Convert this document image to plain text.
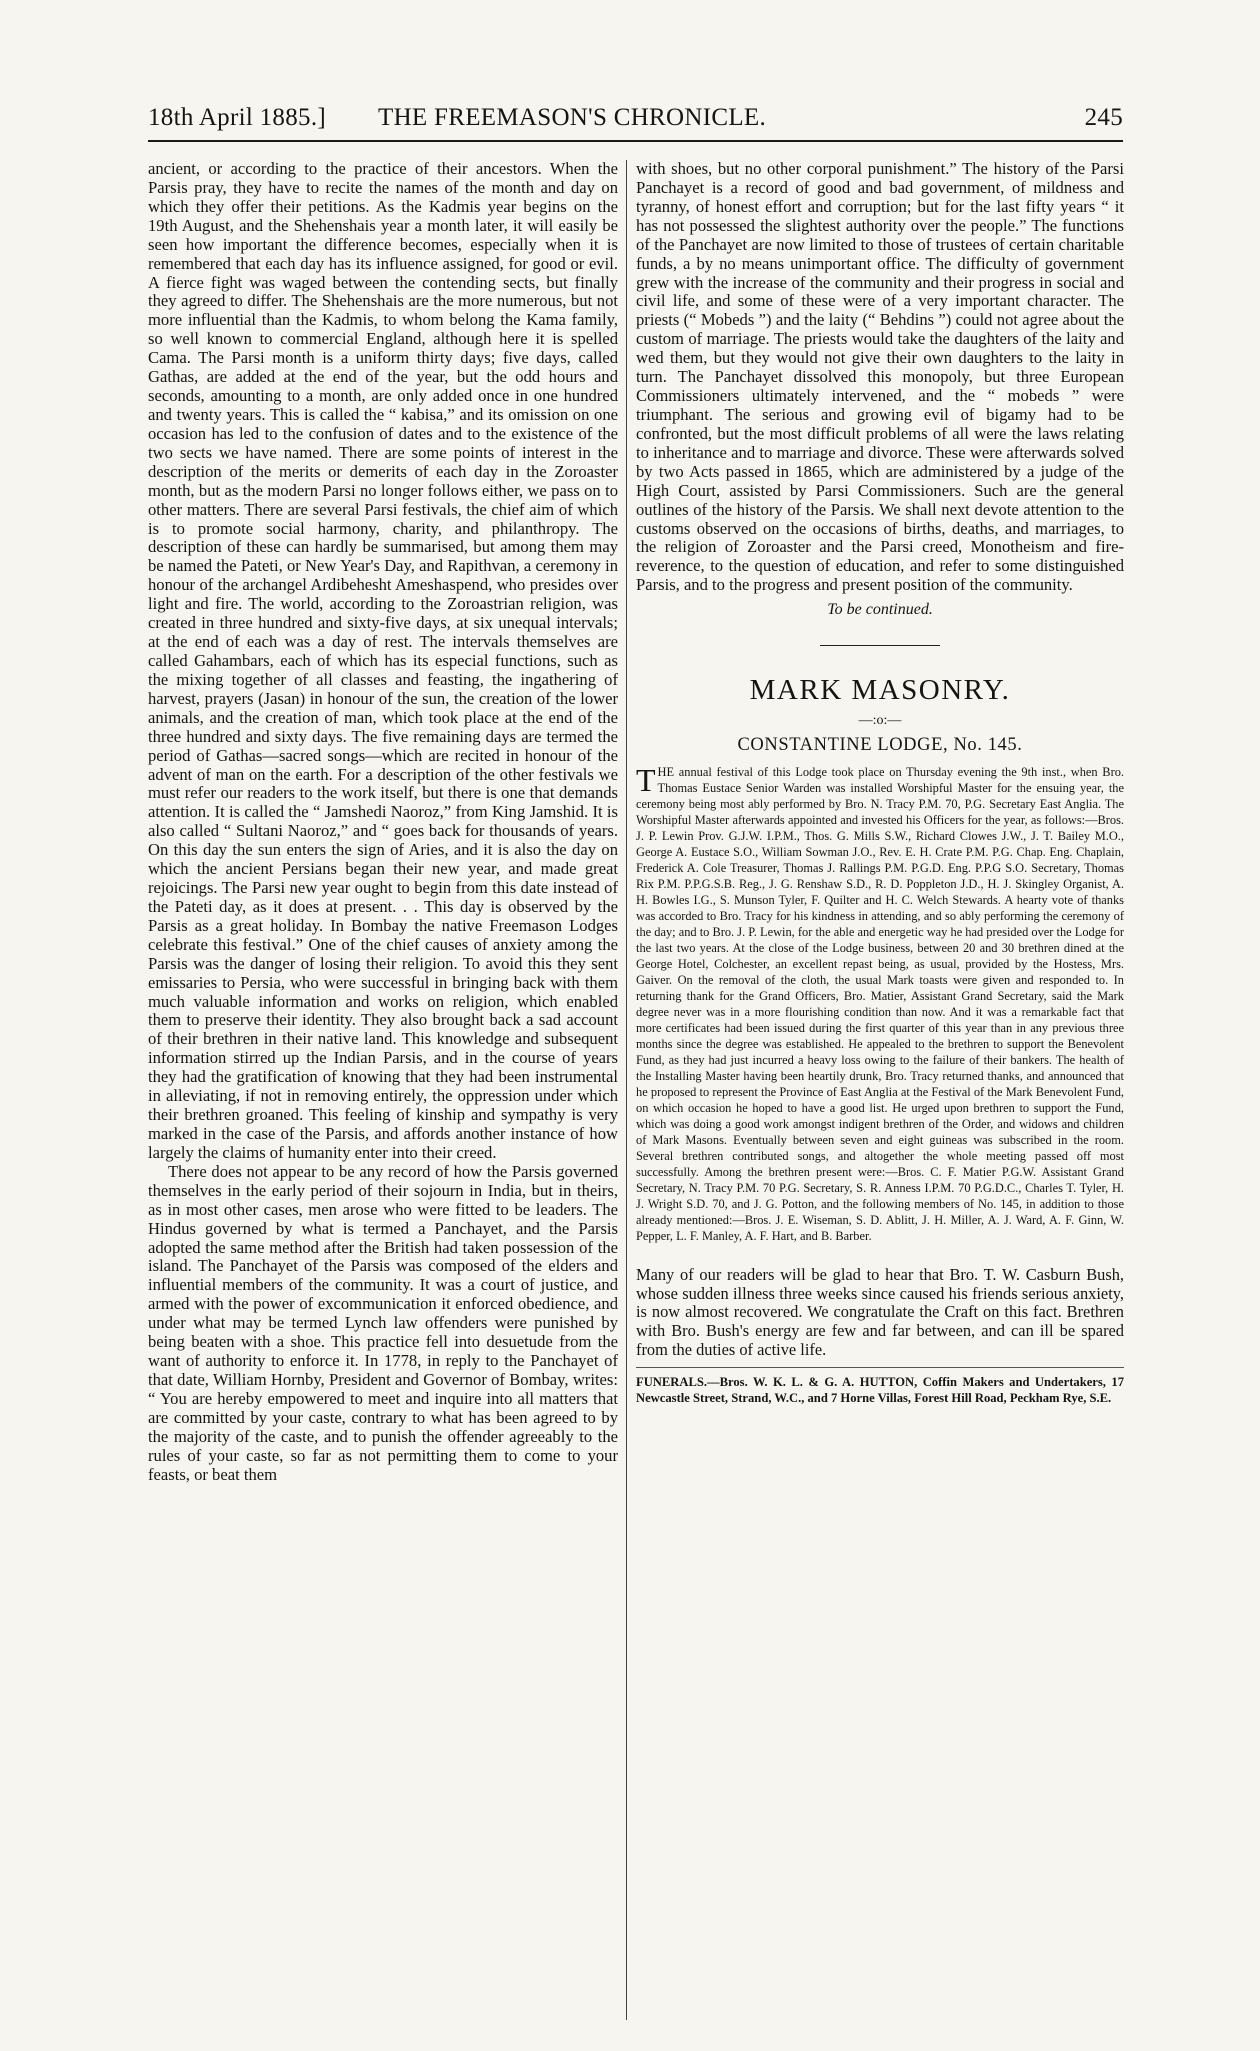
18th April 1885.] THE FREEMASON'S CHRONICLE.	245

ancient, or according to the practice of their ancestors. When the Parsis pray, they have to recite the names of the month and day on which they offer their petitions. As the Kadmis year begins on the 19th August, and the Shehenshais year a month later, it will easily be seen how important the difference becomes, especially when it is remembered that each day has its influence assigned, for good or evil. A fierce fight was waged between the contending sects, but finally they agreed to differ. The Shehenshais are the more numerous, but not more influential than the Kadmis, to whom belong the Kama family, so well known to commercial England, although here it is spelled Cama. The Parsi month is a uniform thirty days; five days, called Gathas, are added at the end of the year, but the odd hours and seconds, amounting to a month, are only added once in one hundred and twenty years. This is called the “ kabisa,” and its omission on one occasion has led to the confusion of dates and to the existence of the two sects we have named. There are some points of interest in the description of the merits or demerits of each day in the Zoroaster month, but as the modern Parsi no longer follows either, we pass on to other matters. There are several Parsi festivals, the chief aim of which is to promote social harmony, charity, and philanthropy. The description of these can hardly be summarised, but among them may be named the Pateti, or New Year's Day, and Rapithvan, a ceremony in honour of the archangel Ardibehesht Ameshaspend, who presides over light and fire. The world, according to the Zoroastrian religion, was created in three hundred and sixty-five days, at six unequal intervals; at the end of each was a day of rest. The intervals themselves are called Gahambars, each of which has its especial functions, such as the mixing together of all classes and feasting, the ingathering of harvest, prayers (Jasan) in honour of the sun, the creation of the lower animals, and the creation of man, which took place at the end of the three hundred and sixty days. The five remaining days are termed the period of Gathas—sacred songs—which are recited in honour of the advent of man on the earth. For a description of the other festivals we must refer our readers to the work itself, but there is one that demands attention. It is called the “ Jamshedi Naoroz,” from King Jamshid. It is also called “ Sultani Naoroz,” and “ goes back for thousands of years. On this day the sun enters the sign of Aries, and it is also the day on which the ancient Persians began their new year, and made great rejoicings. The Parsi new year ought to begin from this date instead of the Pateti day, as it does at present. . . This day is observed by the Parsis as a great holiday. In Bombay the native Freemason Lodges celebrate this festival.” One of the chief causes of anxiety among the Parsis was the danger of losing their religion. To avoid this they sent emissaries to Persia, who were successful in bringing back with them much valuable information and works on religion, which enabled them to preserve their identity. They also brought back a sad account of their brethren in their native land. This knowledge and subsequent information stirred up the Indian Parsis, and in the course of years they had the gratification of knowing that they had been instrumental in alleviating, if not in removing entirely, the oppression under which their brethren groaned. This feeling of kinship and sympathy is very marked in the case of the Parsis, and affords another instance of how largely the claims of humanity enter into their creed.

There does not appear to be any record of how the Parsis governed themselves in the early period of their sojourn in India, but in theirs, as in most other cases, men arose who were fitted to be leaders. The Hindus governed by what is termed a Panchayet, and the Parsis adopted the same method after the British had taken possession of the island. The Panchayet of the Parsis was composed of the elders and influential members of the community. It was a court of justice, and armed with the power of excommunication it enforced obedience, and under what may be termed Lynch law offenders were punished by being beaten with a shoe. This practice fell into desuetude from the want of authority to enforce it. In 1778, in reply to the Panchayet of that date, William Hornby, President and Governor of Bombay, writes: “ You are hereby empowered to meet and inquire into all matters that are committed by your caste, contrary to what has been agreed to by the majority of the caste, and to punish the offender agreeably to the rules of your caste, so far as not permitting them to come to your feasts, or beat them

with shoes, but no other corporal punishment.” The history of the Parsi Panchayet is a record of good and bad government, of mildness and tyranny, of honest effort and corruption; but for the last fifty years “ it has not possessed the slightest authority over the people.” The functions of the Panchayet are now limited to those of trustees of certain charitable funds, a by no means unimportant office. The difficulty of government grew with the increase of the community and their progress in social and civil life, and some of these were of a very important character. The priests (“ Mobeds ”) and the laity (“ Behdins ”) could not agree about the custom of marriage. The priests would take the daughters of the laity and wed them, but they would not give their own daughters to the laity in turn. The Panchayet dissolved this monopoly, but three European Commissioners ultimately intervened, and the “ mobeds ” were triumphant. The serious and growing evil of bigamy had to be confronted, but the most difficult problems of all were the laws relating to inheritance and to marriage and divorce. These were afterwards solved by two Acts passed in 1865, which are administered by a judge of the High Court, assisted by Parsi Commissioners. Such are the general outlines of the history of the Parsis. We shall next devote attention to the customs observed on the occasions of births, deaths, and marriages, to the religion of Zoroaster and the Parsi creed, Monotheism and fire-reverence, to the question of education, and refer to some distinguished Parsis, and to the progress and present position of the community.

To be continued.

MARK MASONRY.
—:o:—
CONSTANTINE LODGE, No. 145.

THE annual festival of this Lodge took place on Thursday evening the 9th inst., when Bro. Thomas Eustace Senior Warden was installed Worshipful Master for the ensuing year, the ceremony being most ably performed by Bro. N. Tracy P.M. 70, P.G. Secretary East Anglia. The Worshipful Master afterwards appointed and invested his Officers for the year, as follows:—Bros. J. P. Lewin Prov. G.J.W. I.P.M., Thos. G. Mills S.W., Richard Clowes J.W., J. T. Bailey M.O., George A. Eustace S.O., William Sowman J.O., Rev. E. H. Crate P.M. P.G. Chap. Eng. Chaplain, Frederick A. Cole Treasurer, Thomas J. Rallings P.M. P.G.D. Eng. P.P.G S.O. Secretary, Thomas Rix P.M. P.P.G.S.B. Reg., J. G. Renshaw S.D., R. D. Poppleton J.D., H. J. Skingley Organist, A. H. Bowles I.G., S. Munson Tyler, F. Quilter and H. C. Welch Stewards. A hearty vote of thanks was accorded to Bro. Tracy for his kindness in attending, and so ably performing the ceremony of the day; and to Bro. J. P. Lewin, for the able and energetic way he had presided over the Lodge for the last two years. At the close of the Lodge business, between 20 and 30 brethren dined at the George Hotel, Colchester, an excellent repast being, as usual, provided by the Hostess, Mrs. Gaiver. On the removal of the cloth, the usual Mark toasts were given and responded to. In returning thank for the Grand Officers, Bro. Matier, Assistant Grand Secretary, said the Mark degree never was in a more flourishing condition than now. And it was a remarkable fact that more certificates had been issued during the first quarter of this year than in any previous three months since the degree was established. He appealed to the brethren to support the Benevolent Fund, as they had just incurred a heavy loss owing to the failure of their bankers. The health of the Installing Master having been heartily drunk, Bro. Tracy returned thanks, and announced that he proposed to represent the Province of East Anglia at the Festival of the Mark Benevolent Fund, on which occasion he hoped to have a good list. He urged upon brethren to support the Fund, which was doing a good work amongst indigent brethren of the Order, and widows and children of Mark Masons. Eventually between seven and eight guineas was subscribed in the room. Several brethren contributed songs, and altogether the whole meeting passed off most successfully. Among the brethren present were:—Bros. C. F. Matier P.G.W. Assistant Grand Secretary, N. Tracy P.M. 70 P.G. Secretary, S. R. Anness I.P.M. 70 P.G.D.C., Charles T. Tyler, H. J. Wright S.D. 70, and J. G. Potton, and the following members of No. 145, in addition to those already mentioned:—Bros. J. E. Wiseman, S. D. Ablitt, J. H. Miller, A. J. Ward, A. F. Ginn, W. Pepper, L. F. Manley, A. F. Hart, and B. Barber.

Many of our readers will be glad to hear that Bro. T. W. Casburn Bush, whose sudden illness three weeks since caused his friends serious anxiety, is now almost recovered. We congratulate the Craft on this fact. Brethren with Bro. Bush's energy are few and far between, and can ill be spared from the duties of active life.

FUNERALS.—Bros. W. K. L. & G. A. HUTTON, Coffin Makers and Undertakers, 17 Newcastle Street, Strand, W.C., and 7 Horne Villas, Forest Hill Road, Peckham Rye, S.E.
